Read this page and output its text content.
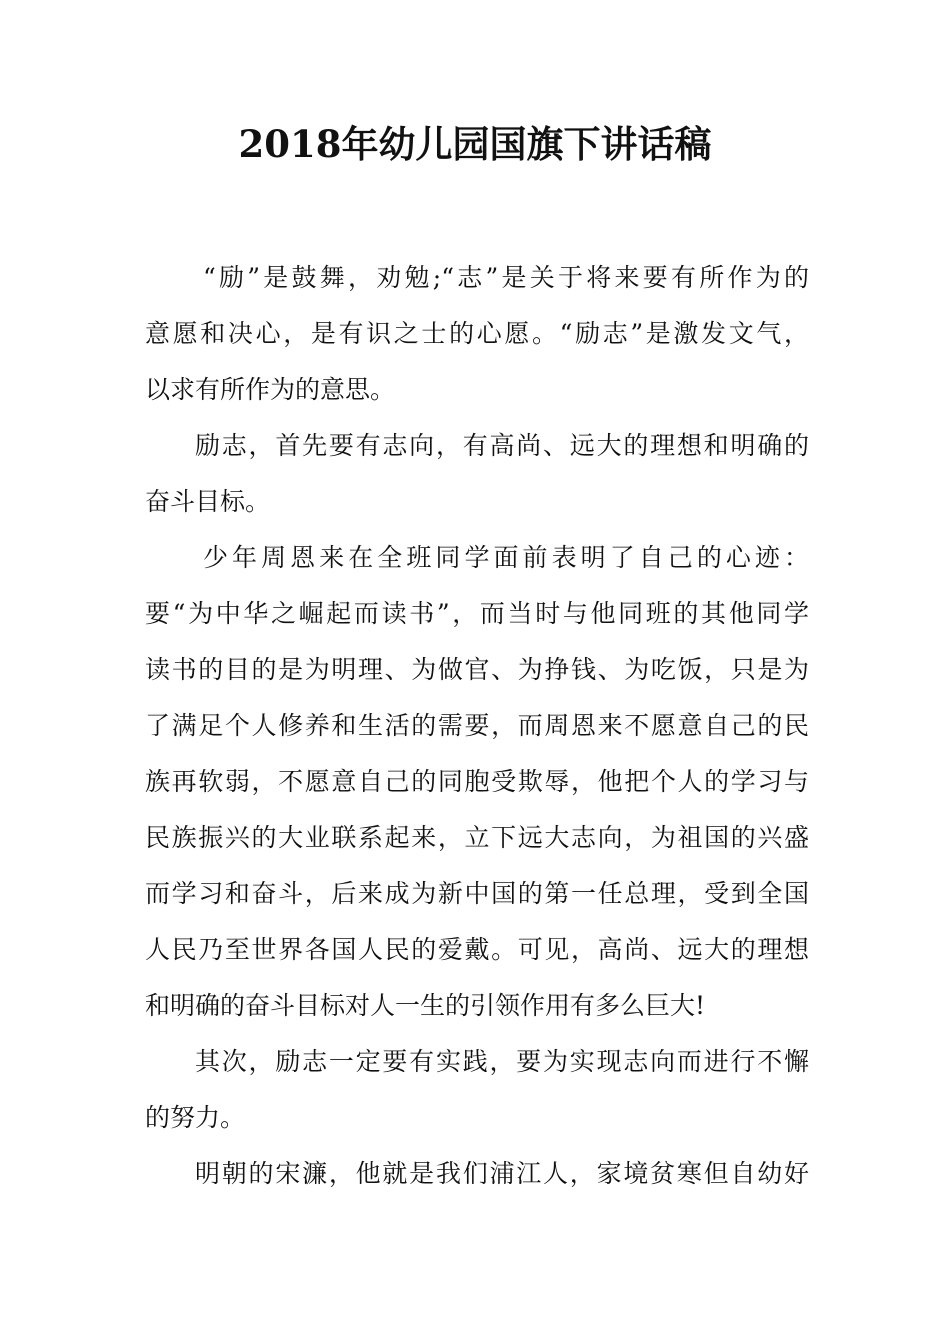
2018年幼儿园国旗下讲话稿
“励”是鼓舞，劝勉;“志”是关于将来要有所作为的
意愿和决心，是有识之士的心愿。“励志”是激发文气，
以求有所作为的意思。
励志，首先要有志向，有高尚、远大的理想和明确的
奋斗目标。
少年周恩来在全班同学面前表明了自己的心迹：
要“为中华之崛起而读书”，而当时与他同班的其他同学
读书的目的是为明理、为做官、为挣钱、为吃饭，只是为
了满足个人修养和生活的需要，而周恩来不愿意自己的民
族再软弱，不愿意自己的同胞受欺辱，他把个人的学习与
民族振兴的大业联系起来，立下远大志向，为祖国的兴盛
而学习和奋斗，后来成为新中国的第一任总理，受到全国
人民乃至世界各国人民的爱戴。可见，高尚、远大的理想
和明确的奋斗目标对人一生的引领作用有多么巨大!
其次，励志一定要有实践，要为实现志向而进行不懈
的努力。
明朝的宋濂，他就是我们浦江人，家境贫寒但自幼好
